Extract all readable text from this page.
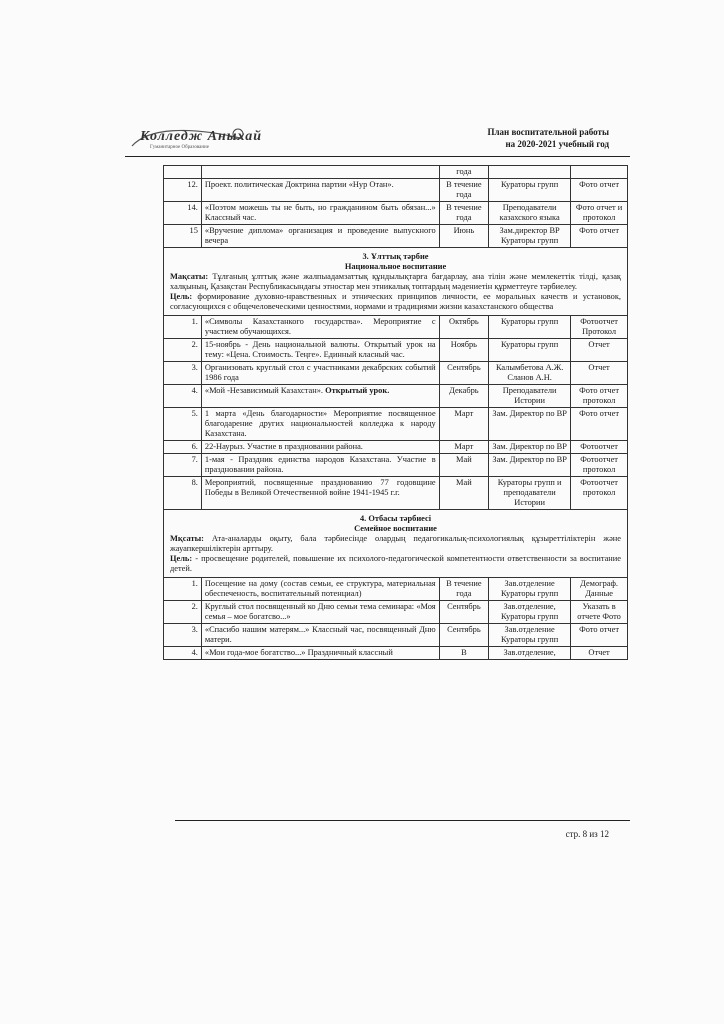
Колледж Аныхай
Гуманитарное Образование
План воспитательной работы
на 2020-2021 учебный год
		года		
12.	Проект. политическая Доктрина партии «Нур Отан».	В течение года	Кураторы групп	Фото отчет
14.	«Поэтом можешь ты не быть, но гражданином быть обязан...» Классный час.	В течение года	Преподаватели казахского языка	Фото отчет и протокол
15	«Вручение диплома» организация и проведение выпускного вечера	Июнь	Зам.директор ВР Кураторы групп	Фото отчет

3. Ұлттық тәрбие
Национальное воспитание

Мақсаты: Тұлғаның ұлттық және жалпыадамзаттық құндылықтарға бағдарлау, ана тілін және мемлекеттік тілді, қазақ халқының, Қазақстан Республикасындағы этностар мен этникалық топтардың мәдениетін құрметтеуге тәрбиелеу.

Цель: формирование духовно-нравственных и этнических принципов личности, ее моральных качеств и установок, согласующихся с общечеловеческими ценностями, нормами и традициями жизни казахстанского общества				

1.	«Символы Казахстанкого государства». Мероприятие с участием обучающихся.	Октябрь	Кураторы групп	Фотоотчет Протокол
2.	15-ноябрь - День национальной валюты. Открытый урок на тему: «Цена. Стоимость. Теңге». Единный класный час.	Ноябрь	Кураторы групп	Отчет
3.	Организовать круглый стол с участниками декабрских событий 1986 года	Сентябрь	Калымбетова А.Ж. Сланов А.Н.	Отчет
4.	«Мой -Независимый Казахстан». Открытый урок.	Декабрь	Преподаватели Истории	Фото отчет протокол
5.	1 марта «День благодарности» Мероприятие посвященное благодарение других национальностей колледжа к народу Казахстана.	Март	Зам. Директор по ВР	Фото отчет
6.	22-Наурыз. Участие в праздновании района.	Март	Зам. Директор по ВР	Фотоотчет
7.	1-мая - Праздник единства народов Казахстана. Участие в праздновании района.	Май	Зам. Директор по ВР	Фотоотчет протокол
8.	Мероприятий, посвященные празднованию 77 годовщине Победы в Великой Отечественной войне 1941-1945 г.г.	Май	Кураторы групп и преподаватели Истории	Фотоотчет протокол

4. Отбасы тәрбиесі
Семейное воспитание

Мқсаты: Ата-аналарды оқыту, бала тәрбиесінде олардың педагогикалық-психологиялық құзыреттіліктерін және жауапкершіліктерін арттыру.

Цель: - просвещение родителей, повышение их психолого-педагогической компетентности ответственности за воспитание детей.				

1.	Посещение на дому (состав семьи, ее структура, материальная обеспеченость, воспитательный потенциал)	В течение года	Зав.отделение Кураторы групп	Демограф. Данные
2.	Круглый стол посвященный ко Дню семьи тема семинара: «Моя семья – мое богатсво...»	Сентябрь	Зав.отделение, Кураторы групп	Указать в отчете Фото
3.	«Спасибо нашим матерям...» Классный час, посвященный Дню матери.	Сентябрь	Зав.отделение Кураторы групп	Фото отчет
4.	«Мои года-мое богатство...» Праздничный классный	В	Зав.отделение,	Отчет
стр. 8 из 12
